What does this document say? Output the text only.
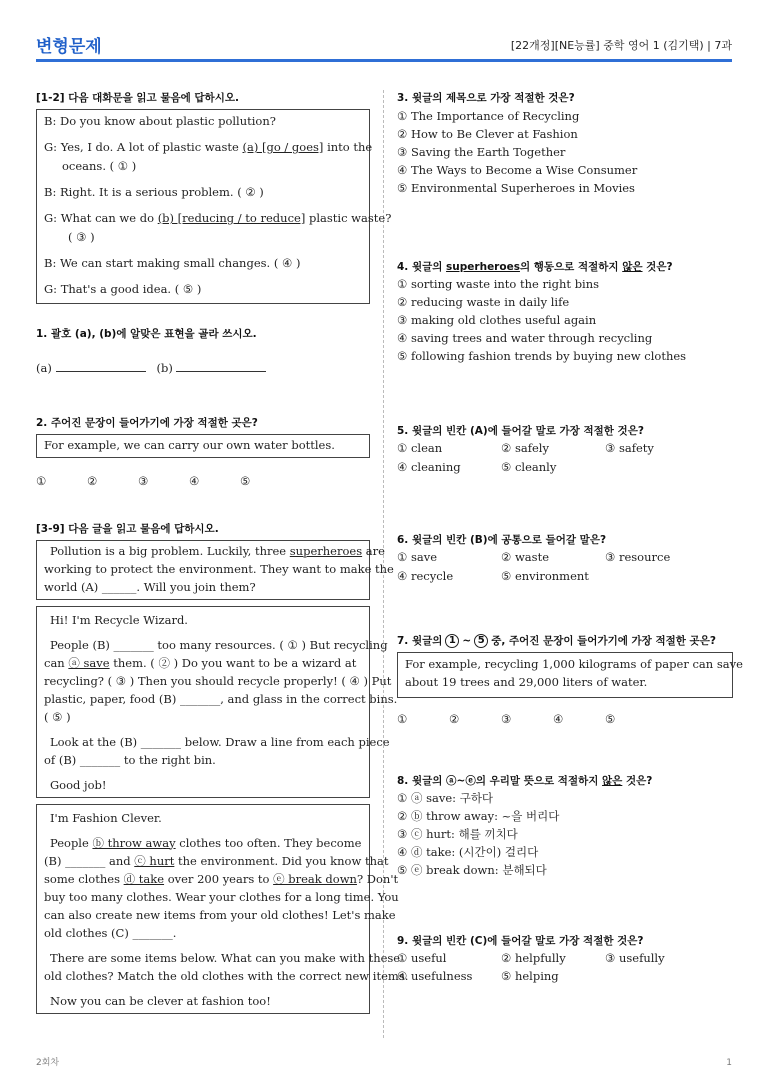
변형문제	[22개정][NE능률] 중학 영어 1 (김기택) | 7과
[1-2] 다음 대화문을 읽고 물음에 답하시오.
B: Do you know about plastic pollution?
G: Yes, I do. A lot of plastic waste (a) [go / goes] into the
oceans. ( ① )
B: Right. It is a serious problem. ( ② )
G: What can we do (b) [reducing / to reduce] plastic waste?
( ③ )
B: We can start making small changes. ( ④ )
G: That's a good idea. ( ⑤ )
1. 괄호 (a), (b)에 알맞은 표현을 골라 쓰시오.
(a)	(b)
2. 주어진 문장이 들어가기에 가장 적절한 곳은?
For example, we can carry our own water bottles.
①	②	③	④	⑤
[3-9] 다음 글을 읽고 물음에 답하시오.
Pollution is a big problem. Luckily, three superheroes are
working to protect the environment. They want to make the
world (A) ______. Will you join them?
Hi! I'm Recycle Wizard.
People (B) _______ too many resources. ( ① ) But recycling
can ⓐ save them. ( ② ) Do you want to be a wizard at
recycling? ( ③ ) Then you should recycle properly! ( ④ ) Put
plastic, paper, food (B) _______, and glass in the correct bins.
( ⑤ )
Look at the (B) _______ below. Draw a line from each piece
of (B) _______ to the right bin.
Good job!
I'm Fashion Clever.
People ⓑ throw away clothes too often. They become
(B) _______ and ⓒ hurt the environment. Did you know that
some clothes ⓓ take over 200 years to ⓔ break down? Don't
buy too many clothes. Wear your clothes for a long time. You
can also create new items from your old clothes! Let's make
old clothes (C) _______.
There are some items below. What can you make with these
old clothes? Match the old clothes with the correct new items.
Now you can be clever at fashion too!
3. 윗글의 제목으로 가장 적절한 것은?
① The Importance of Recycling
② How to Be Clever at Fashion
③ Saving the Earth Together
④ The Ways to Become a Wise Consumer
⑤ Environmental Superheroes in Movies
4. 윗글의 superheroes의 행동으로 적절하지 않은 것은?
① sorting waste into the right bins
② reducing waste in daily life
③ making old clothes useful again
④ saving trees and water through recycling
⑤ following fashion trends by buying new clothes
5. 윗글의 빈칸 (A)에 들어갈 말로 가장 적절한 것은?
① clean	② safely	③ safety
④ cleaning	⑤ cleanly
6. 윗글의 빈칸 (B)에 공통으로 들어갈 말은?
① save	② waste	③ resource
④ recycle	⑤ environment
7. 윗글의 1 ~ 5 중, 주어진 문장이 들어가기에 가장 적절한 곳은?
For example, recycling 1,000 kilograms of paper can save
about 19 trees and 29,000 liters of water.
①	②	③	④	⑤
8. 윗글의 ⓐ~ⓔ의 우리말 뜻으로 적절하지 않은 것은?
① ⓐ save: 구하다
② ⓑ throw away: ~을 버리다
③ ⓒ hurt: 해를 끼치다
④ ⓓ take: (시간이) 걸리다
⑤ ⓔ break down: 분해되다
9. 윗글의 빈칸 (C)에 들어갈 말로 가장 적절한 것은?
① useful	② helpfully	③ usefully
④ usefulness	⑤ helping
2회차	1
